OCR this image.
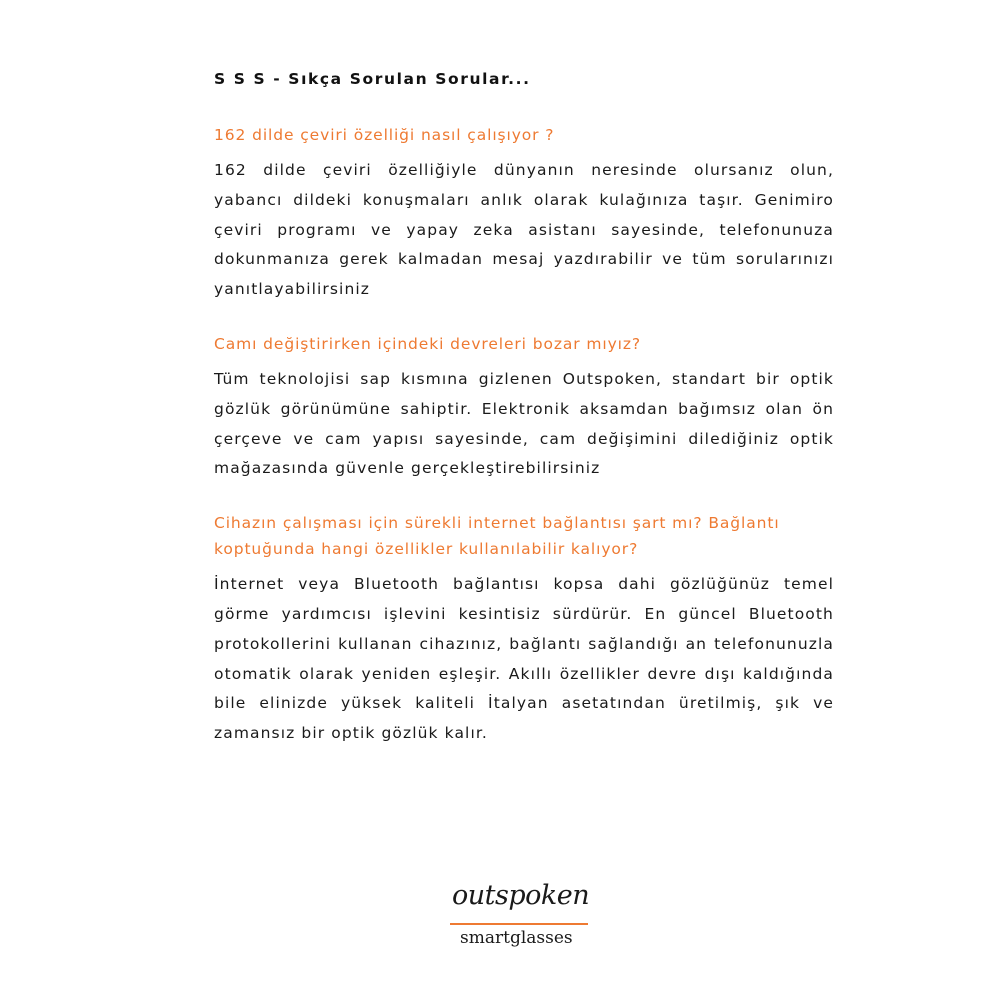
S S S - Sıkça Sorulan Sorular...
162 dilde çeviri özelliği nasıl çalışıyor ?

162 dilde çeviri özelliğiyle dünyanın neresinde olursanız olun, yabancı dildeki konuşmaları anlık olarak kulağınıza taşır. Genimiro çeviri programı ve yapay zeka asistanı sayesinde, telefonunuza dokunmanıza gerek kalmadan mesaj yazdırabilir ve tüm sorularınızı yanıtlayabilirsiniz

Camı değiştirirken içindeki devreleri bozar mıyız?

Tüm teknolojisi sap kısmına gizlenen Outspoken, standart bir optik gözlük görünümüne sahiptir. Elektronik aksamdan bağımsız olan ön çerçeve ve cam yapısı sayesinde, cam değişimini dilediğiniz optik mağazasında güvenle gerçekleştirebilirsiniz

Cihazın çalışması için sürekli internet bağlantısı şart mı? Bağlantı koptuğunda hangi özellikler kullanılabilir kalıyor?

İnternet veya Bluetooth bağlantısı kopsa dahi gözlüğünüz temel görme yardımcısı işlevini kesintisiz sürdürür. En güncel Bluetooth protokollerini kullanan cihazınız, bağlantı sağlandığı an telefonunuzla otomatik olarak yeniden eşleşir. Akıllı özellikler devre dışı kaldığında bile elinizde yüksek kaliteli İtalyan asetatından üretilmiş, şık ve zamansız bir optik gözlük kalır.

outspoken
smartglasses
